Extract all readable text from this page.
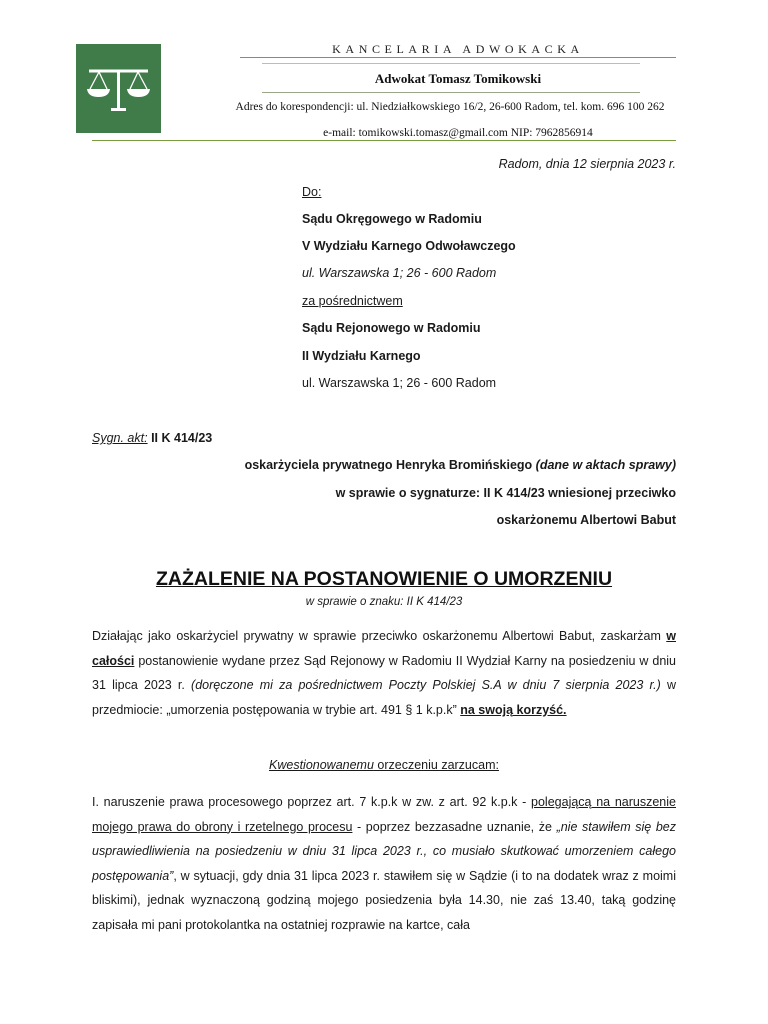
KANCELARIA ADWOKACKA
Adwokat Tomasz Tomikowski
Adres do korespondencji: ul. Niedziałkowskiego 16/2, 26-600 Radom, tel. kom. 696 100 262
e-mail: tomikowski.tomasz@gmail.com NIP: 7962856914
Radom, dnia 12 sierpnia 2023 r.
Do:
Sądu Okręgowego w Radomiu
V Wydziału Karnego Odwoławczego
ul. Warszawska 1; 26 - 600 Radom
za pośrednictwem
Sądu Rejonowego w Radomiu
II Wydziału Karnego
ul. Warszawska 1; 26 - 600 Radom
Sygn. akt: II K 414/23
oskarżyciela prywatnego Henryka Bromińskiego (dane w aktach sprawy)
w sprawie o sygnaturze: II K 414/23 wniesionej przeciwko
oskarżonemu Albertowi Babut
ZAŻALENIE NA POSTANOWIENIE O UMORZENIU
w sprawie o znaku: II K 414/23
Działając jako oskarżyciel prywatny w sprawie przeciwko oskarżonemu Albertowi Babut, zaskarżam w całości postanowienie wydane przez Sąd Rejonowy w Radomiu II Wydział Karny na posiedzeniu w dniu 31 lipca 2023 r. (doręczone mi za pośrednictwem Poczty Polskiej S.A w dniu 7 sierpnia 2023 r.) w przedmiocie: „umorzenia postępowania w trybie art. 491 § 1 k.p.k” na swoją korzyść.
Kwestionowanemu orzeczeniu zarzucam:
I. naruszenie prawa procesowego poprzez art. 7 k.p.k w zw. z art. 92 k.p.k - polegającą na naruszenie mojego prawa do obrony i rzetelnego procesu - poprzez bezzasadne uznanie, że „nie stawiłem się bez usprawiedliwienia na posiedzeniu w dniu 31 lipca 2023 r., co musiało skutkować umorzeniem całego postępowania”, w sytuacji, gdy dnia 31 lipca 2023 r. stawiłem się w Sądzie (i to na dodatek wraz z moimi bliskimi), jednak wyznaczoną godziną mojego posiedzenia była 14.30, nie zaś 13.40, taką godzinę zapisała mi pani protokolantka na ostatniej rozprawie na kartce, cała
